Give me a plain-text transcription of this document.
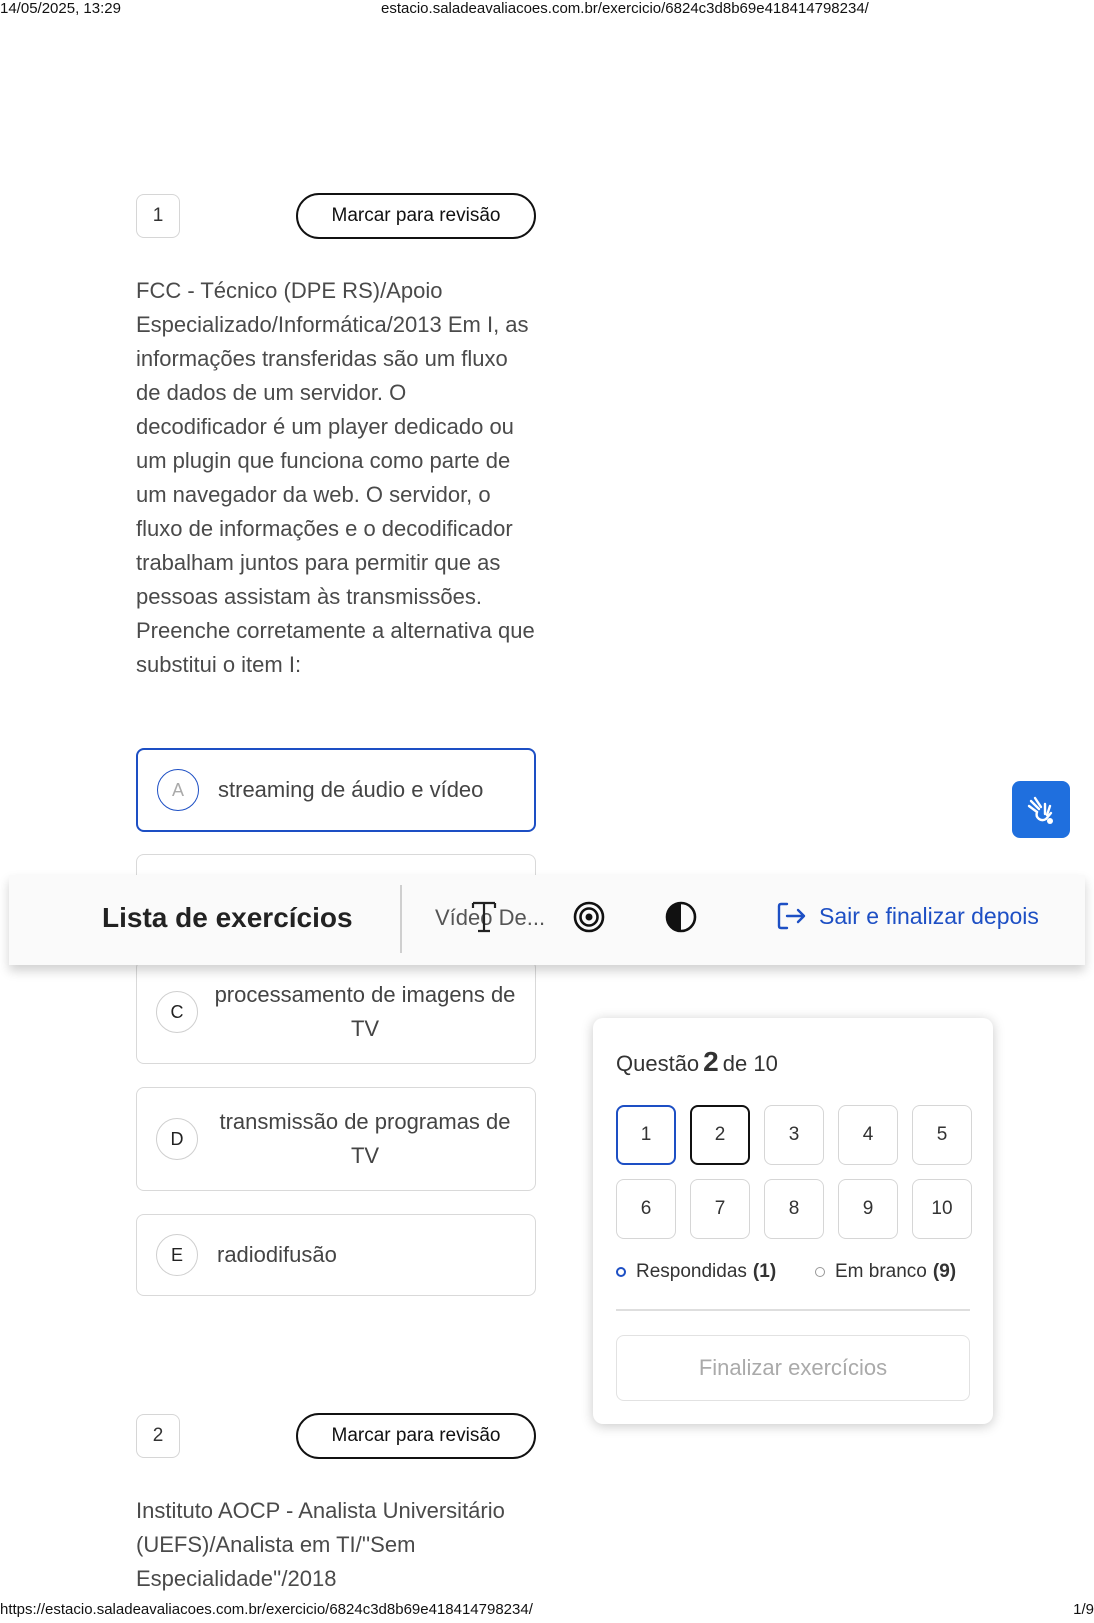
14/05/2025, 13:29	estacio.saladeavaliacoes.com.br/exercicio/6824c3d8b69e418414798234/
1	Marcar para revisão
FCC - Técnico (DPE RS)/Apoio Especializado/Informática/2013 Em I, as informações transferidas são um fluxo de dados de um servidor. O decodificador é um player dedicado ou um plugin que funciona como parte de um navegador da web. O servidor, o fluxo de informações e o decodificador trabalham juntos para permitir que as pessoas assistam às transmissões. Preenche corretamente a alternativa que substitui o item I:
A	streaming de áudio e vídeo
C
processamento de imagens de TV
D
transmissão de programas de TV
E	radiodifusão
2	Marcar para revisão
Instituto AOCP - Analista Universitário (UEFS)/Analista em TI/''Sem Especialidade''/2018
Lista de exercícios	Vídeo De...	Sair e finalizar depois
Questão 2 de 10
1	2	3	4	5
6	7	8	9	10
Respondidas (1)	Em branco (9)
Finalizar exercícios
https://estacio.saladeavaliacoes.com.br/exercicio/6824c3d8b69e418414798234/	1/9
